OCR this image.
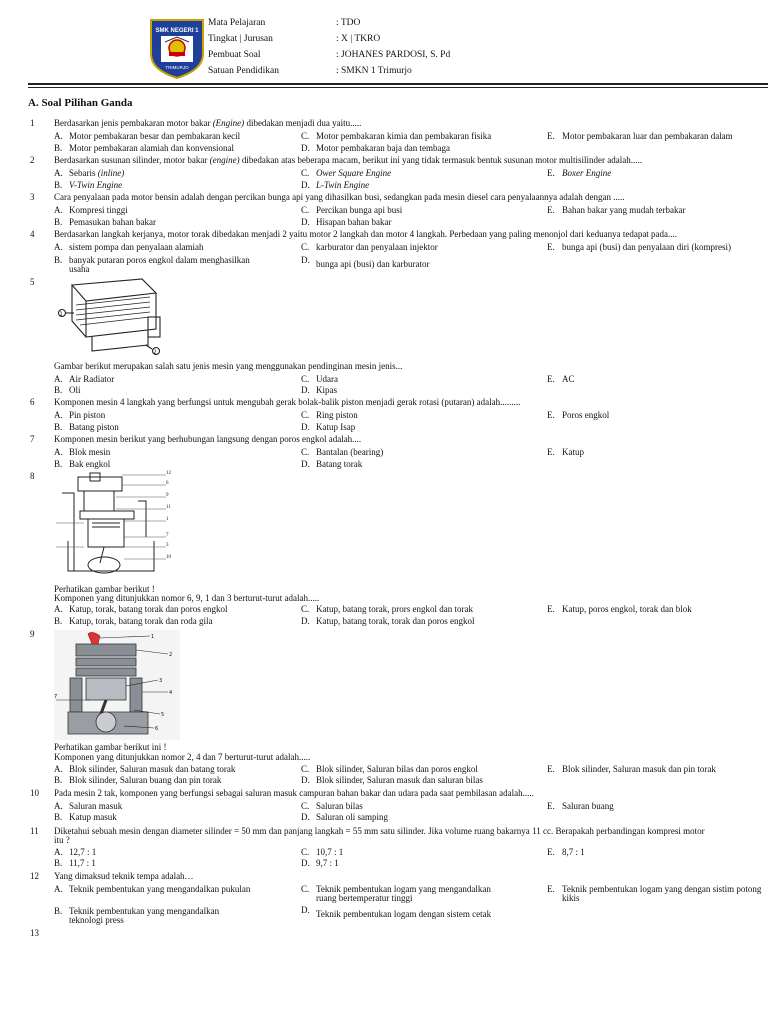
SMK NEGERI 1
TRIMURJO
Mata Pelajaran	: TDO
Tingkat | Jurusan	: X | TKRO
Pembuat Soal	: JOHANES PARDOSI, S. Pd
Satuan Pendidikan	: SMKN 1 Trimurjo
A. Soal Pilihan Ganda
1 Berdasarkan jenis pembakaran motor bakar (Engine) dibedakan menjadi dua yaitu.....
A. Motor pembakaran besar dan pembakaran kecil
B. Motor pembakaran alamiah dan konvensional
C. Motor pembakaran kimia dan pembakaran fisika
D. Motor pembakaran baja dan tembaga
E. Motor pembakaran luar dan pembakaran dalam
2 Berdasarkan susunan silinder, motor bakar (engine) dibedakan atas beberapa macam, berikut ini yang tidak termasuk bentuk susunan motor multisilinder adalah.....
A. Sebaris (inline)
B. V-Twin Engine
C. Ower Square Engine
D. L-Twin Engine
E. Boxer Engine
3 Cara penyalaan pada motor bensin adalah dengan percikan bunga api yang dihasilkan busi, sedangkan pada mesin diesel cara penyalaannya adalah dengan .....
A. Kompresi tinggi
B. Pemasukan bahan bakar
C. Percikan bunga api busi
D. Hisapan bahan bakar
E. Bahan bakar yang mudah terbakar
4 Berdasarkan langkah kerjanya, motor torak dibedakan menjadi 2 yaitu motor 2 langkah dan motor 4 langkah. Perbedaan yang paling menonjol dari keduanya tedapat pada....
A. sistem pompa dan penyalaan alamiah
B. banyak putaran poros engkol dalam menghasilkan
usaha
C. karburator dan penyalaan injektor
D. bunga api (busi) dan karburator
E. bunga api (busi) dan penyalaan diri (kompresi)
5
1
2
Gambar berikut merupakan salah satu jenis mesin yang menggunakan pendinginan mesin jenis...
A. Air Radiator
B. Oli
C. Udara
D. Kipas
E. AC
6 Komponen mesin 4 langkah yang berfungsi untuk mengubah gerak bolak-balik piston menjadi gerak rotasi (putaran) adalah.........
A. Pin piston
B. Batang piston
C. Ring piston
D. Katup Isap
E. Poros engkol
7 Komponen mesin berikut yang berhubungan langsung dengan poros engkol adalah....
A. Blok mesin
B. Bak engkol
C. Bantalan (bearing)
D. Batang torak
E. Katup
8	12
6
9
11
1
7
3
10
Perhatikan gambar berikut !
Komponen yang ditunjukkan nomor 6, 9, 1 dan 3 berturut-turut adalah.....
A. Katup, torak, batang torak dan poros engkol
B. Katup, torak, batang torak dan roda gila
C. Katup, batang torak, prors engkol dan torak
D. Katup, batang torak, torak dan poros engkol
E. Katup, poros engkol, torak dan blok
9	1
2
3
4
5
6
7
Perhatikan gambar berikut ini !
Komponen yang ditunjukkan nomor 2, 4 dan 7 berturut-turut adalah.....
A. Blok silinder, Saluran masuk dan batang torak
B. Blok silinder, Saluran buang dan pin torak
C. Blok silinder, Saluran bilas dan poros engkol
D. Blok silinder, Saluran masuk dan saluran bilas
E. Blok silinder, Saluran masuk dan pin torak
10 Pada mesin 2 tak, komponen yang berfungsi sebagai saluran masuk campuran bahan bakar dan udara pada saat pembilasan adalah.....
A. Saluran masuk
B. Katup masuk
C. Saluran bilas
D. Saluran oli samping
E. Saluran buang
11 Diketahui sebuah mesin dengan diameter silinder = 50 mm dan panjang langkah = 55 mm satu silinder. Jika volume ruang bakarnya 11 cc. Berapakah perbandingan kompresi motor
itu ?
A. 12,7 : 1
B. 11,7 : 1
C. 10,7 : 1
D. 9,7 : 1
E. 8,7 : 1
12 Yang dimaksud teknik tempa adalah…
A. Teknik pembentukan yang mengandalkan pukulan
B. Teknik pembentukan yang mengandalkan
teknologi press
C. Teknik pembentukan logam yang mengandalkan
ruang bertemperatur tinggi
D. Teknik pembentukan logam dengan sistem cetak
E. Teknik pembentukan logam yang dengan sistim potong
kikis
13
